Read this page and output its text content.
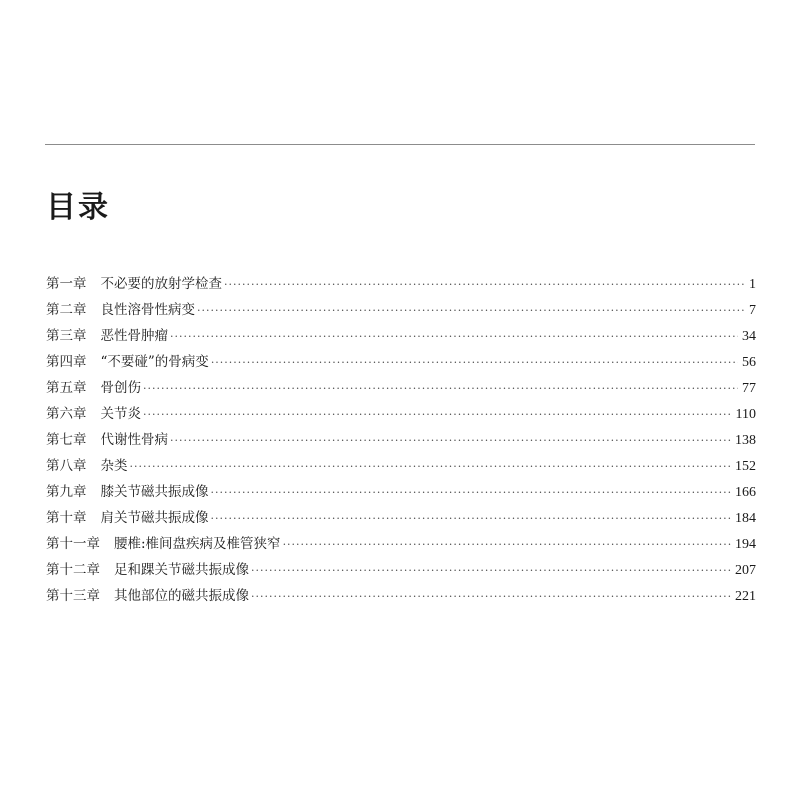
目录
第一章 不必要的放射学检查 ·····	1
第二章 良性溶骨性病变 ·····	7
第三章 恶性骨肿瘤 ·····	34
第四章 “不要碰”的骨病变 ·····	56
第五章 骨创伤 ·····	77
第六章 关节炎 ·····	110
第七章 代谢性骨病 ·····	138
第八章 杂类 ·····	152
第九章 膝关节磁共振成像 ·····	166
第十章 肩关节磁共振成像 ·····	184
第十一章 腰椎:椎间盘疾病及椎管狭窄 ·····	194
第十二章 足和踝关节磁共振成像 ·····	207
第十三章 其他部位的磁共振成像 ·····	221
